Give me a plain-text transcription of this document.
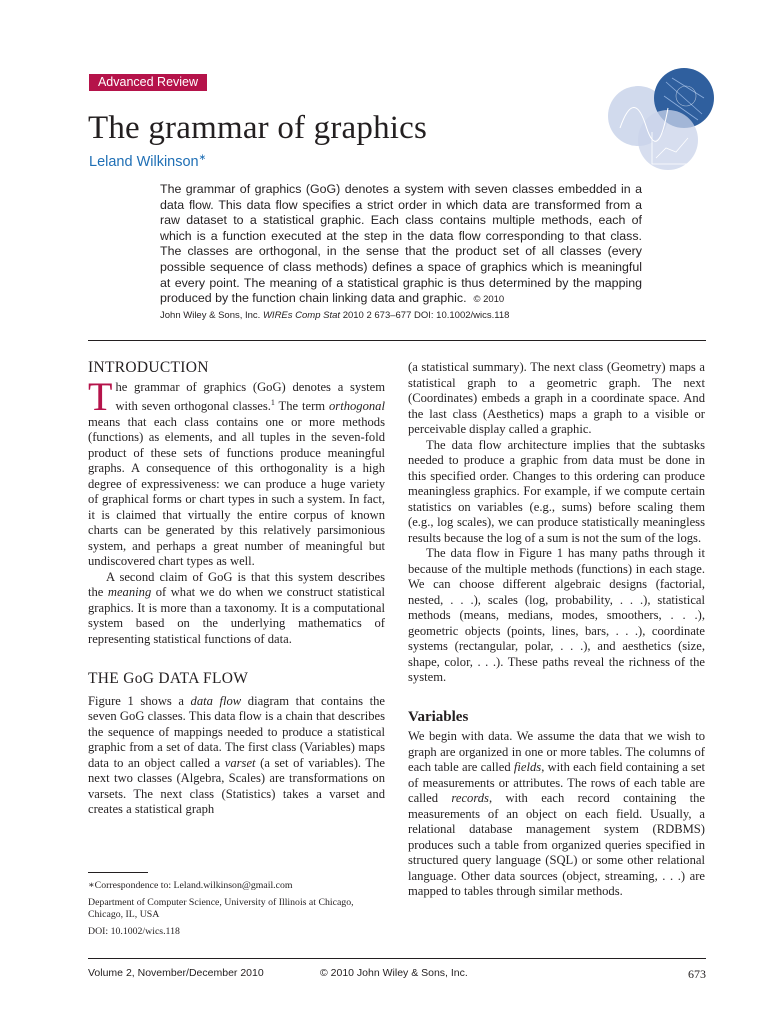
Advanced Review
The grammar of graphics
Leland Wilkinson∗

The grammar of graphics (GoG) denotes a system with seven classes embedded in a data flow. This data flow specifies a strict order in which data are transformed from a raw dataset to a statistical graphic. Each class contains multiple methods, each of which is a function executed at the step in the data flow corresponding to that class. The classes are orthogonal, in the sense that the product set of all classes (every possible sequence of class methods) defines a space of graphics which is meaningful at every point. The meaning of a statistical graphic is thus determined by the mapping produced by the function chain linking data and graphic. © 2010

John Wiley & Sons, Inc. WIREs Comp Stat 2010 2 673–677 DOI: 10.1002/wics.118
INTRODUCTION

The grammar of graphics (GoG) denotes a system with seven orthogonal classes.$^1$ The term orthogonal means that each class contains one or more methods (functions) as elements, and all tuples in the seven-fold product of these sets of functions produce meaningful graphs. A consequence of this orthogonality is a high degree of expressiveness: we can produce a huge variety of graphical forms or chart types in such a system. In fact, it is claimed that virtually the entire corpus of known charts can be generated by this relatively parsimonious system, and perhaps a great number of meaningful but undiscovered chart types as well.

A second claim of GoG is that this system describes the meaning of what we do when we construct statistical graphics. It is more than a taxonomy. It is a computational system based on the underlying mathematics of representing statistical functions of data.

THE GoG DATA FLOW

Figure 1 shows a data flow diagram that contains the seven GoG classes. This data flow is a chain that describes the sequence of mappings needed to produce a statistical graphic from a set of data. The first class (Variables) maps data to an object called a varset (a set of variables). The next two classes (Algebra, Scales) are transformations on varsets. The next class (Statistics) takes a varset and creates a statistical graph

∗Correspondence to: Leland.wilkinson@gmail.com

Department of Computer Science, University of Illinois at Chicago, Chicago, IL, USA

DOI: 10.1002/wics.118

(a statistical summary). The next class (Geometry) maps a statistical graph to a geometric graph. The next (Coordinates) embeds a graph in a coordinate space. And the last class (Aesthetics) maps a graph to a visible or perceivable display called a graphic.

The data flow architecture implies that the subtasks needed to produce a graphic from data must be done in this specified order. Changes to this ordering can produce meaningless graphics. For example, if we compute certain statistics on variables (e.g., sums) before scaling them (e.g., log scales), we can produce statistically meaningless results because the log of a sum is not the sum of the logs.

The data flow in Figure 1 has many paths through it because of the multiple methods (functions) in each stage. We can choose different algebraic designs (factorial, nested, . . .), scales (log, probability, . . .), statistical methods (means, medians, modes, smoothers, . . .), geometric objects (points, lines, bars, . . .), coordinate systems (rectangular, polar, . . .), and aesthetics (size, shape, color, . . .). These paths reveal the richness of the system.

Variables

We begin with data. We assume the data that we wish to graph are organized in one or more tables. The columns of each table are called fields, with each field containing a set of measurements or attributes. The rows of each table are called records, with each record containing the measurements of an object on each field. Usually, a relational database management system (RDBMS) produces such a table from organized queries specified in structured query language (SQL) or some other relational language. Other data sources (object, streaming, . . .) are mapped to tables through similar methods.

Volume 2, November/December 2010	© 2010 John Wiley & Sons, Inc.	673
